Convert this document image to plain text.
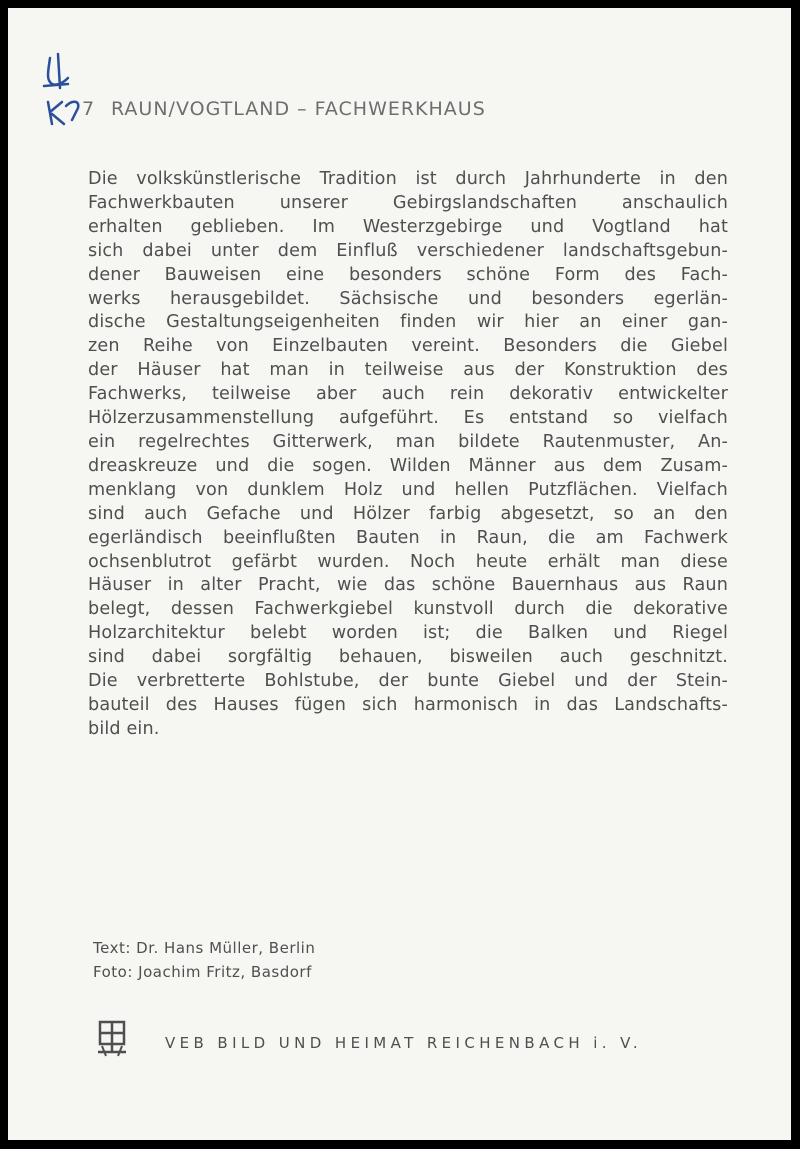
7 RAUN/VOGTLAND – FACHWERKHAUS
Die volkskünstlerische Tradition ist durch Jahrhunderte in den
Fachwerkbauten unserer Gebirgslandschaften anschaulich
erhalten geblieben. Im Westerzgebirge und Vogtland hat
sich dabei unter dem Einfluß verschiedener landschaftsgebun-
dener Bauweisen eine besonders schöne Form des Fach-
werks herausgebildet. Sächsische und besonders egerlän-
dische Gestaltungseigenheiten finden wir hier an einer gan-
zen Reihe von Einzelbauten vereint. Besonders die Giebel
der Häuser hat man in teilweise aus der Konstruktion des
Fachwerks, teilweise aber auch rein dekorativ entwickelter
Hölzerzusammenstellung aufgeführt. Es entstand so vielfach
ein regelrechtes Gitterwerk, man bildete Rautenmuster, An-
dreaskreuze und die sogen. Wilden Männer aus dem Zusam-
menklang von dunklem Holz und hellen Putzflächen. Vielfach
sind auch Gefache und Hölzer farbig abgesetzt, so an den
egerländisch beeinflußten Bauten in Raun, die am Fachwerk
ochsenblutrot gefärbt wurden. Noch heute erhält man diese
Häuser in alter Pracht, wie das schöne Bauernhaus aus Raun
belegt, dessen Fachwerkgiebel kunstvoll durch die dekorative
Holzarchitektur belebt worden ist; die Balken und Riegel
sind dabei sorgfältig behauen, bisweilen auch geschnitzt.
Die verbretterte Bohlstube, der bunte Giebel und der Stein-
bauteil des Hauses fügen sich harmonisch in das Landschafts-
bild ein.
Text: Dr. Hans Müller, Berlin
Foto: Joachim Fritz, Basdorf
VEB BILD UND HEIMAT REICHENBACH i. V.
